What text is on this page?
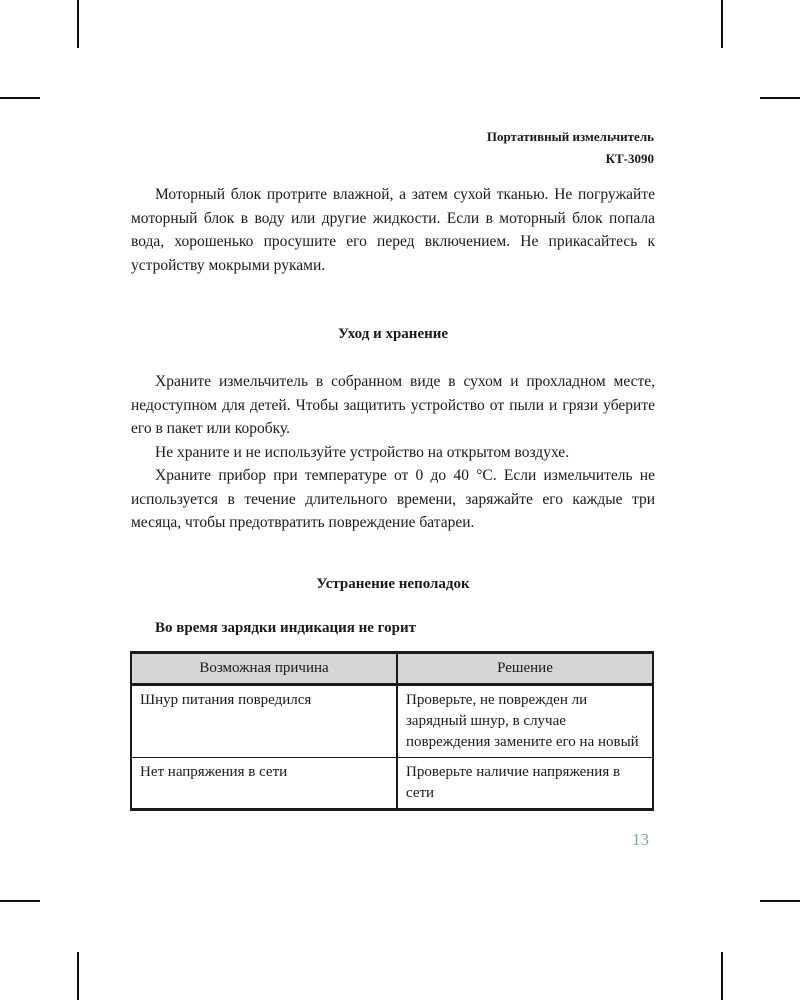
Портативный измельчитель
КТ-3090

Моторный блок протрите влажной, а затем сухой тканью. Не погружайте моторный блок в воду или другие жидкости. Если в моторный блок попала вода, хорошенько просушите его перед включением. Не прикасайтесь к устройству мокрыми руками.

Уход и хранение

Храните измельчитель в собранном виде в сухом и прохладном месте, недоступном для детей. Чтобы защитить устройство от пыли и грязи уберите его в пакет или коробку.

Не храните и не используйте устройство на открытом воздухе.

Храните прибор при температуре от 0 до 40 °С. Если измельчитель не используется в течение длительного времени, заряжайте его каждые три месяца, чтобы предотвратить повреждение батареи.

Устранение неполадок
Во время зарядки индикация не горит
Возможная причина	Решение
Шнур питания повредился	Проверьте, не поврежден ли зарядный шнур, в случае повреждения замените его на новый
Нет напряжения в сети	Проверьте наличие напряжения в сети
13
